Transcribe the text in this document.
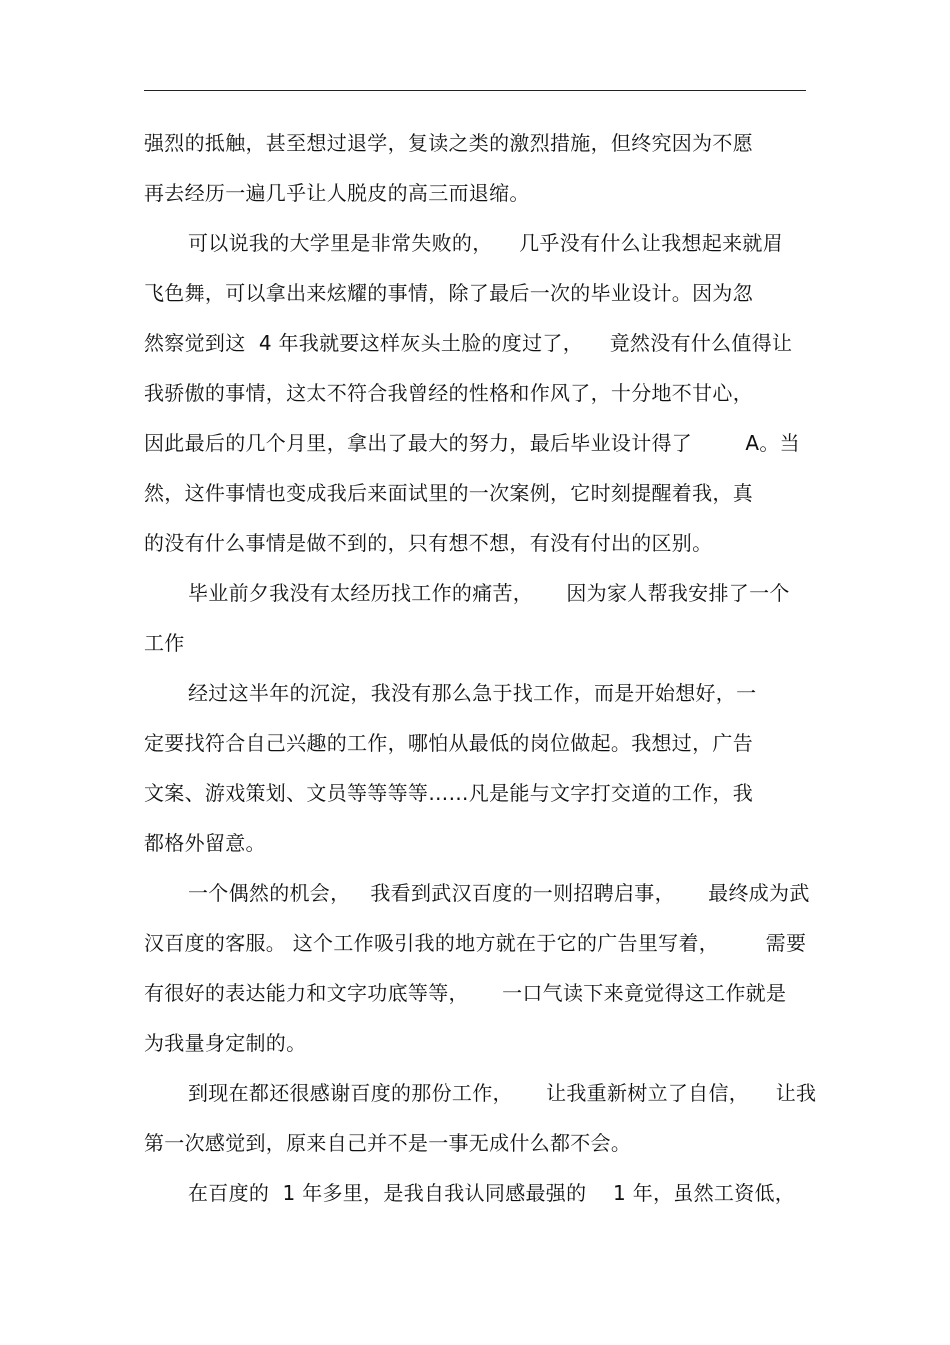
强烈的抵触，甚至想过退学，复读之类的激烈措施，但终究因为不愿
再去经历一遍几乎让人脱皮的高三而退缩。
可以说我的大学里是非常失败的，    几乎没有什么让我想起来就眉
飞色舞，可以拿出来炫耀的事情，除了最后一次的毕业设计。因为忽
然察觉到这  4 年我就要这样灰头土脸的度过了，    竟然没有什么值得让
我骄傲的事情，这太不符合我曾经的性格和作风了，十分地不甘心，
因此最后的几个月里，拿出了最大的努力，最后毕业设计得了        A。当
然，这件事情也变成我后来面试里的一次案例，它时刻提醒着我，真
的没有什么事情是做不到的，只有想不想，有没有付出的区别。
毕业前夕我没有太经历找工作的痛苦，     因为家人帮我安排了一个
工作
经过这半年的沉淀，我没有那么急于找工作，而是开始想好，一
定要找符合自己兴趣的工作，哪怕从最低的岗位做起。我想过，广告
文案、游戏策划、文员等等等等……凡是能与文字打交道的工作，我
都格外留意。
一个偶然的机会，   我看到武汉百度的一则招聘启事，     最终成为武
汉百度的客服。 这个工作吸引我的地方就在于它的广告里写着，       需要
有很好的表达能力和文字功底等等，     一口气读下来竟觉得这工作就是
为我量身定制的。
到现在都还很感谢百度的那份工作，     让我重新树立了自信，    让我
第一次感觉到，原来自己并不是一事无成什么都不会。
在百度的  1 年多里，是我自我认同感最强的    1 年，虽然工资低，
